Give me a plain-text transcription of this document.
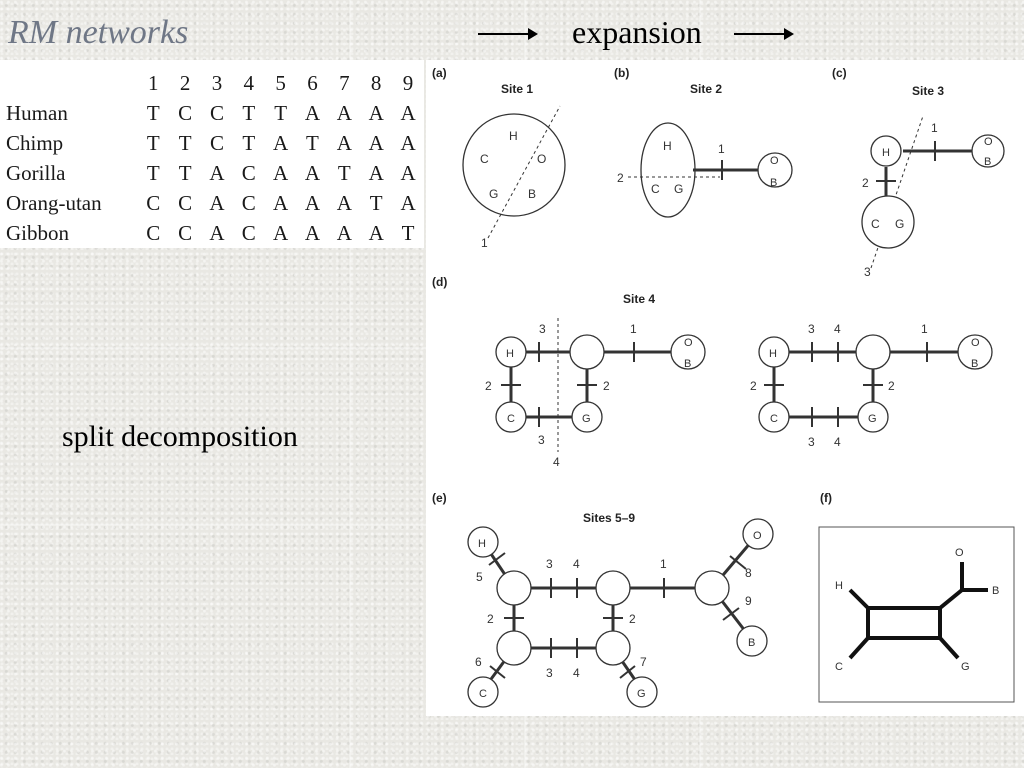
RM networks	expansion
	1	2	3	4	5	6	7	8	9
Human	T	C	C	T	T	A	A	A	A
Chimp	T	T	C	T	A	T	A	A	A
Gorilla	T	T	A	C	A	A	T	A	A
Orang-utan	C	C	A	C	A	A	A	T	A
Gibbon	C	C	A	C	A	A	A	A	T
split decomposition
(a)
Site 1
H
C	O
G B
1
(b)
Site 2
H
C G
O
B
1
2
(c)
Site 3
H
C G
O
B
1
2
3
(d)
Site 4
H
C	G
O
B
3	1
2	2
3
4
H
C	G
O
B
3 4	1
2	2
3 4
(e)
Sites 5–9
H
C	G
O
B
3 4	1
5
2	2
3 4
6	7
8
9
(f)
H
C	G
O
B
